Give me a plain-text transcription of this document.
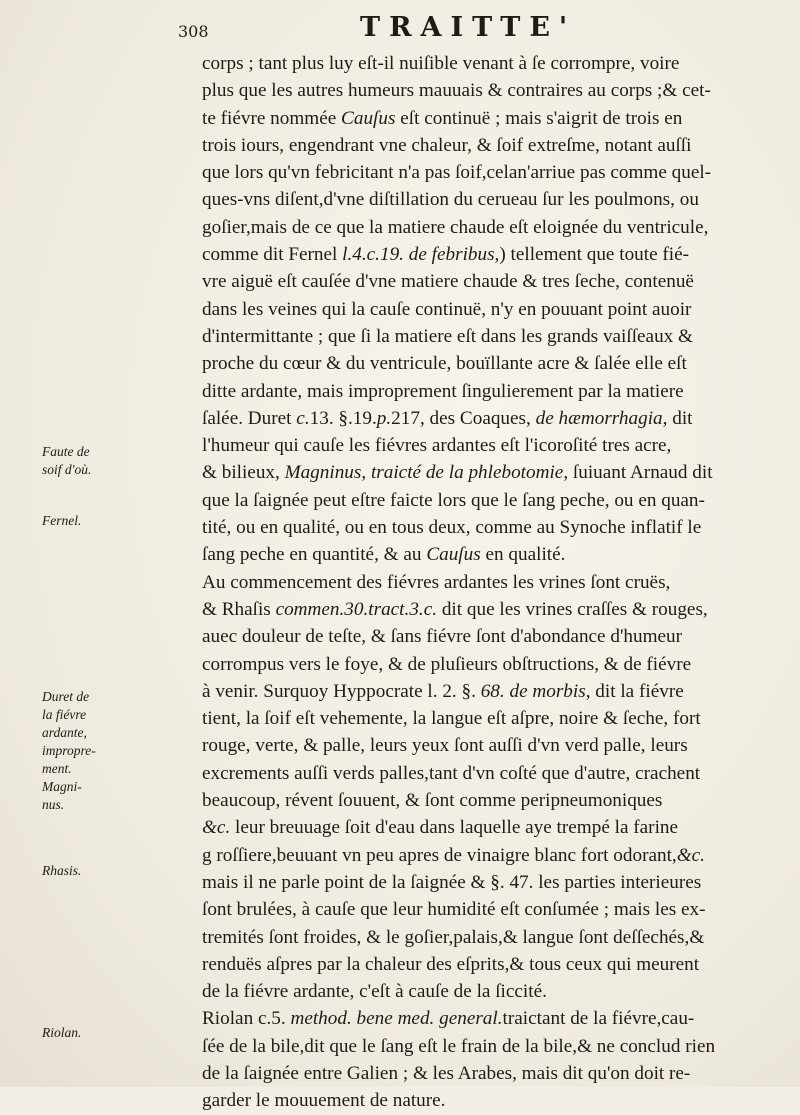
308	TRAITTE'
Faute de
soif d'où.
Fernel.
Duret de
la fiévre
ardante,
impropre-
ment.
Magni-
nus.
Rhasis.
Riolan.
corps ; tant plus luy eſt-il nuiſible venant à ſe corrompre, voire
plus que les autres humeurs mauuais & contraires au corps ;& cet-
te fiévre nommée Cauſus eſt continuë ; mais s'aigrit de trois en
trois iours, engendrant vne chaleur, & ſoif extreſme, notant auſſi
que lors qu'vn febricitant n'a pas ſoif,celan'arriue pas comme quel-
ques-vns diſent,d'vne diſtillation du cerueau ſur les poulmons, ou
goſier,mais de ce que la matiere chaude eſt eloignée du ventricule,
comme dit Fernel l.4.c.19. de febribus,) tellement que toute fié-
vre aiguë eſt cauſée d'vne matiere chaude & tres ſeche, contenuë
dans les veines qui la cauſe continuë, n'y en pouuant point auoir
d'intermittante ; que ſi la matiere eſt dans les grands vaiſſeaux &
proche du cœur & du ventricule, bouïllante acre & ſalée elle eſt
ditte ardante, mais improprement ſingulierement par la matiere
ſalée. Duret c.13. §.19.p.217, des Coaques, de hæmorrhagia, dit
l'humeur qui cauſe les fiévres ardantes eſt l'icoroſité tres acre,
& bilieux, Magninus, traicté de la phlebotomie, ſuiuant Arnaud dit
que la ſaignée peut eſtre faicte lors que le ſang peche, ou en quan-
tité, ou en qualité, ou en tous deux, comme au Synoche inflatif le
ſang peche en quantité, & au Cauſus en qualité.
Au commencement des fiévres ardantes les vrines ſont cruës,
& Rhaſis commen.30.tract.3.c. dit que les vrines craſſes & rouges,
auec douleur de teſte, & ſans fiévre ſont d'abondance d'humeur
corrompus vers le foye, & de pluſieurs obſtructions, & de fiévre
à venir. Surquoy Hyppocrate l. 2. §. 68. de morbis, dit la fiévre
tient, la ſoif eſt vehemente, la langue eſt aſpre, noire & ſeche, fort
rouge, verte, & palle, leurs yeux ſont auſſi d'vn verd palle, leurs
excrements auſſi verds palles,tant d'vn coſté que d'autre, crachent
beaucoup, révent ſouuent, & ſont comme peripneumoniques
&c. leur breuuage ſoit d'eau dans laquelle aye trempé la farine
g roſſiere,beuuant vn peu apres de vinaigre blanc fort odorant,&c.
mais il ne parle point de la ſaignée & §. 47. les parties interieures
ſont brulées, à cauſe que leur humidité eſt conſumée ; mais les ex-
tremités ſont froides, & le goſier,palais,& langue ſont deſſechés,&
renduës aſpres par la chaleur des eſprits,& tous ceux qui meurent
de la fiévre ardante, c'eſt à cauſe de la ſiccité.
Riolan c.5. method. bene med. general.traictant de la fiévre,cau-
ſée de la bile,dit que le ſang eſt le frain de la bile,& ne conclud rien
de la ſaignée entre Galien ; & les Arabes, mais dit qu'on doit re-
garder le mouuement de nature.
